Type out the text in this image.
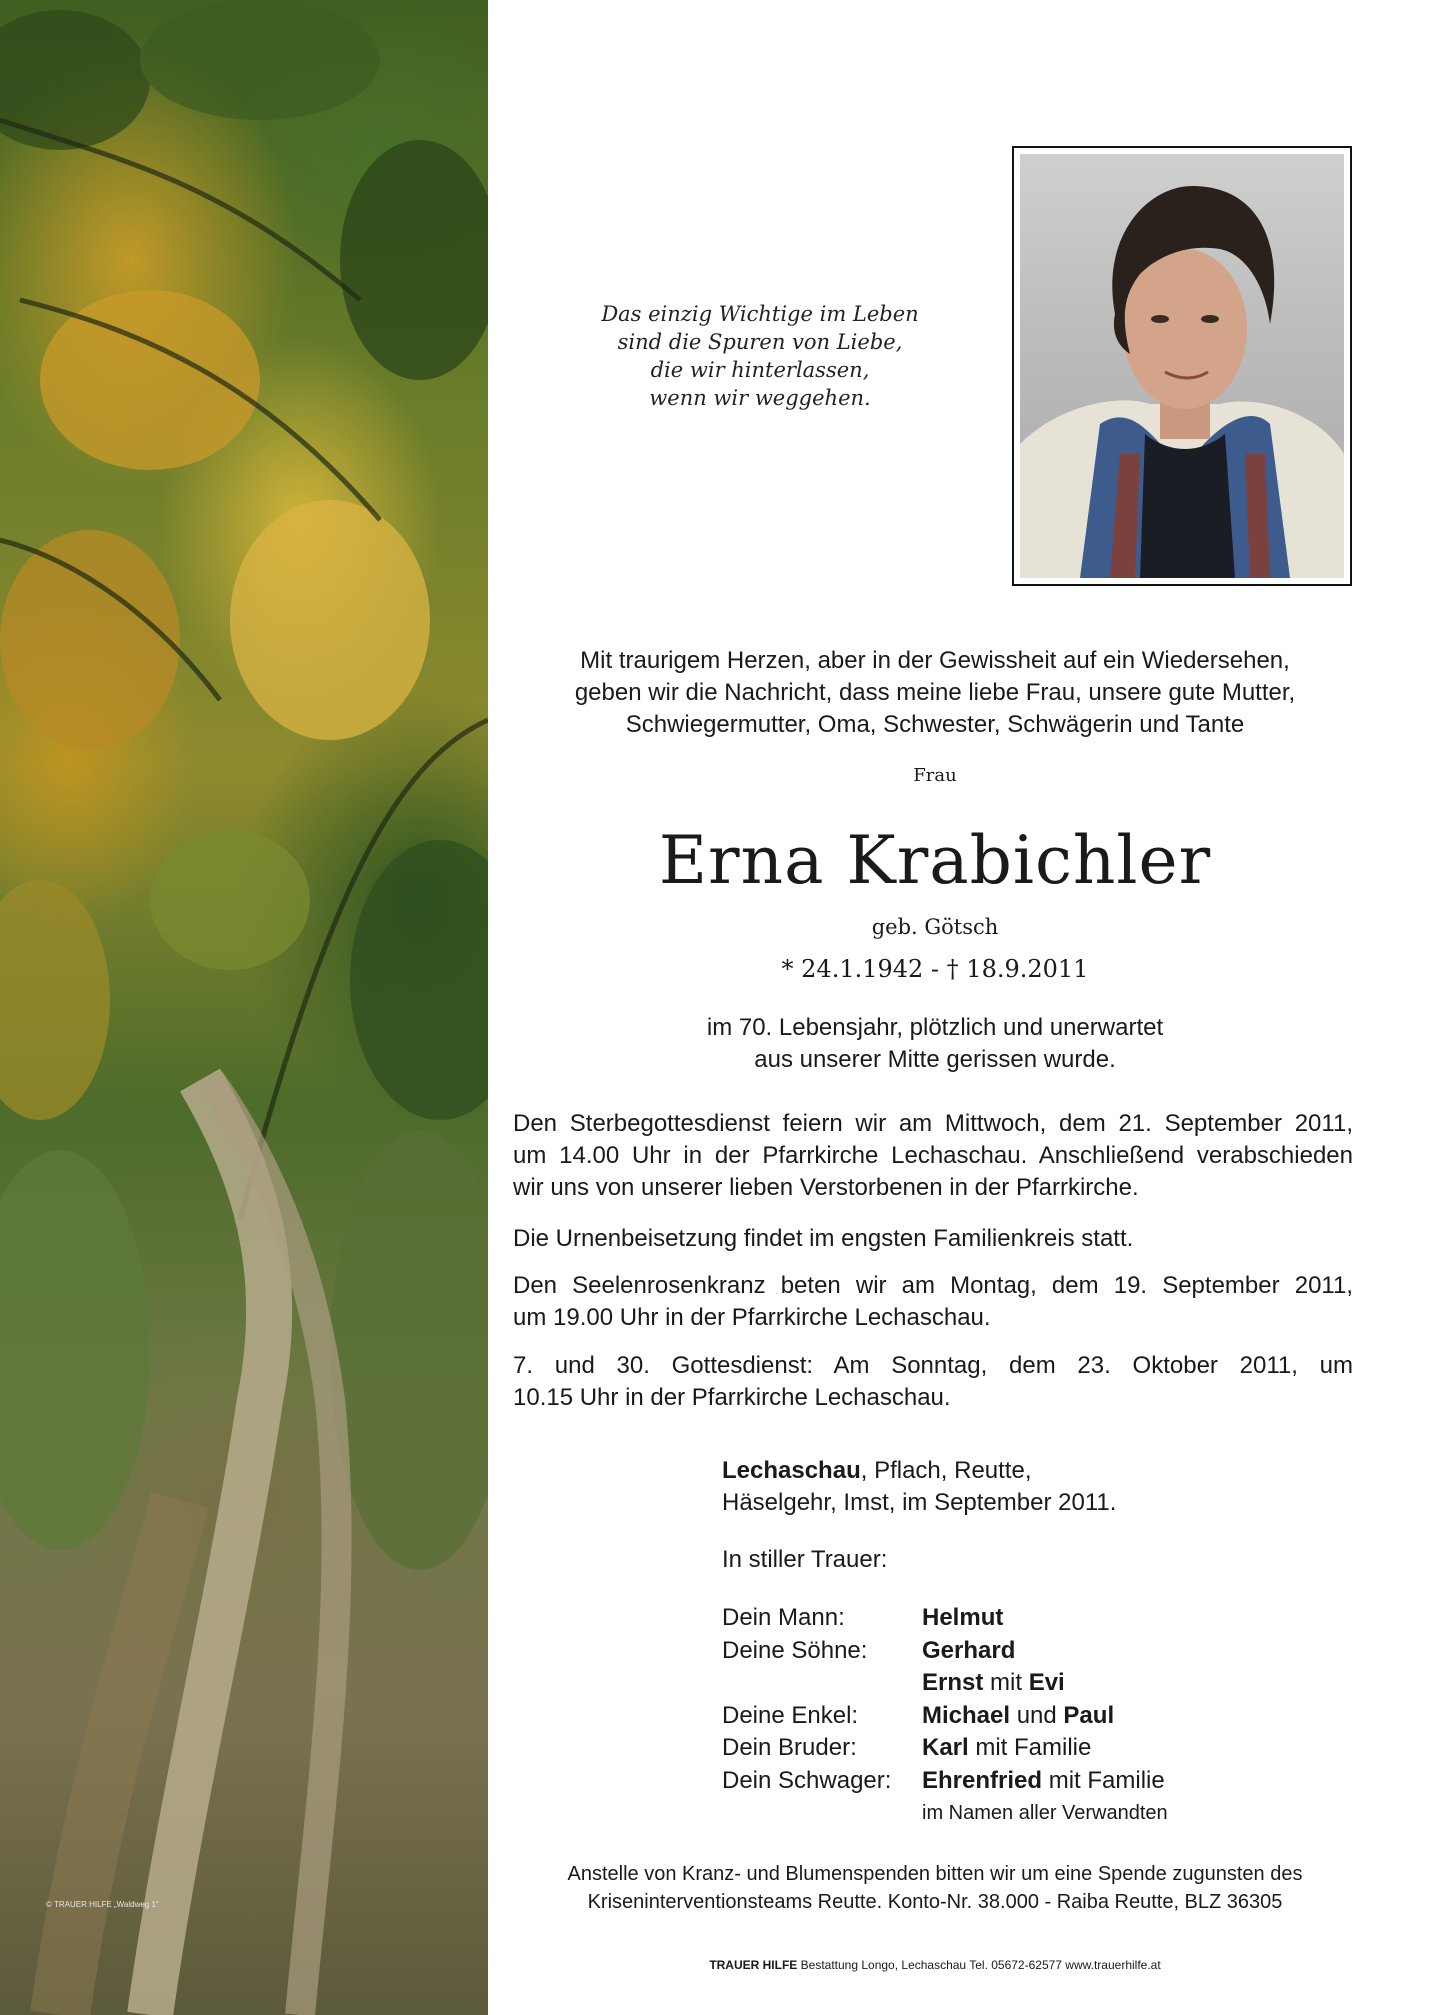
© TRAUER HILFE „Waldweg 1“
Das einzig Wichtige im Leben
sind die Spuren von Liebe,
die wir hinterlassen,
wenn wir weggehen.
Mit traurigem Herzen, aber in der Gewissheit auf ein Wiedersehen,
geben wir die Nachricht, dass meine liebe Frau, unsere gute Mutter,
Schwiegermutter, Oma, Schwester, Schwägerin und Tante
Frau
Erna Krabichler
geb. Götsch
* 24.1.1942 - † 18.9.2011
im 70. Lebensjahr, plötzlich und unerwartet
aus unserer Mitte gerissen wurde.
Den Sterbegottesdienst feiern wir am Mittwoch, dem 21. September 2011,
um 14.00 Uhr in der Pfarrkirche Lechaschau. Anschließend verabschieden
wir uns von unserer lieben Verstorbenen in der Pfarrkirche.
Die Urnenbeisetzung findet im engsten Familienkreis statt.
Den Seelenrosenkranz beten wir am Montag, dem 19. September 2011,
um 19.00 Uhr in der Pfarrkirche Lechaschau.
7. und 30. Gottesdienst: Am Sonntag, dem 23. Oktober 2011, um
10.15 Uhr in der Pfarrkirche Lechaschau.
Lechaschau, Pflach, Reutte,
Häselgehr, Imst, im September 2011.
In stiller Trauer:
Dein Mann:	Helmut
Deine Söhne: Gerhard
Ernst mit Evi
Deine Enkel:	Michael und Paul
Dein Bruder:	Karl mit Familie
Dein Schwager: Ehrenfried mit Familie
im Namen aller Verwandten
Anstelle von Kranz- und Blumenspenden bitten wir um eine Spende zugunsten des
Kriseninterventionsteams Reutte. Konto-Nr. 38.000 - Raiba Reutte, BLZ 36305
TRAUER HILFE Bestattung Longo, Lechaschau Tel. 05672-62577 www.trauerhilfe.at
